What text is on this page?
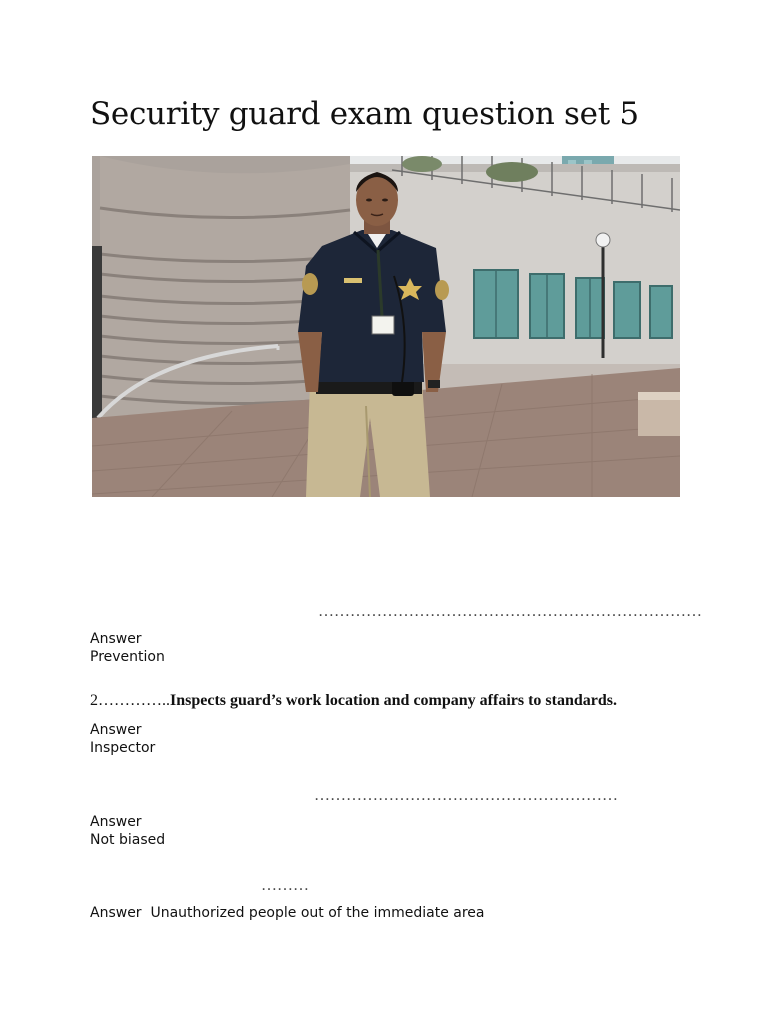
Security guard exam question set 5
………………………………………………………………
Answer
Prevention
2…………..Inspects guard’s work location and company affairs to standards.
Answer
Inspector
…………………………………………………
Answer
Not biased
………
Answer Unauthorized people out of the immediate area
